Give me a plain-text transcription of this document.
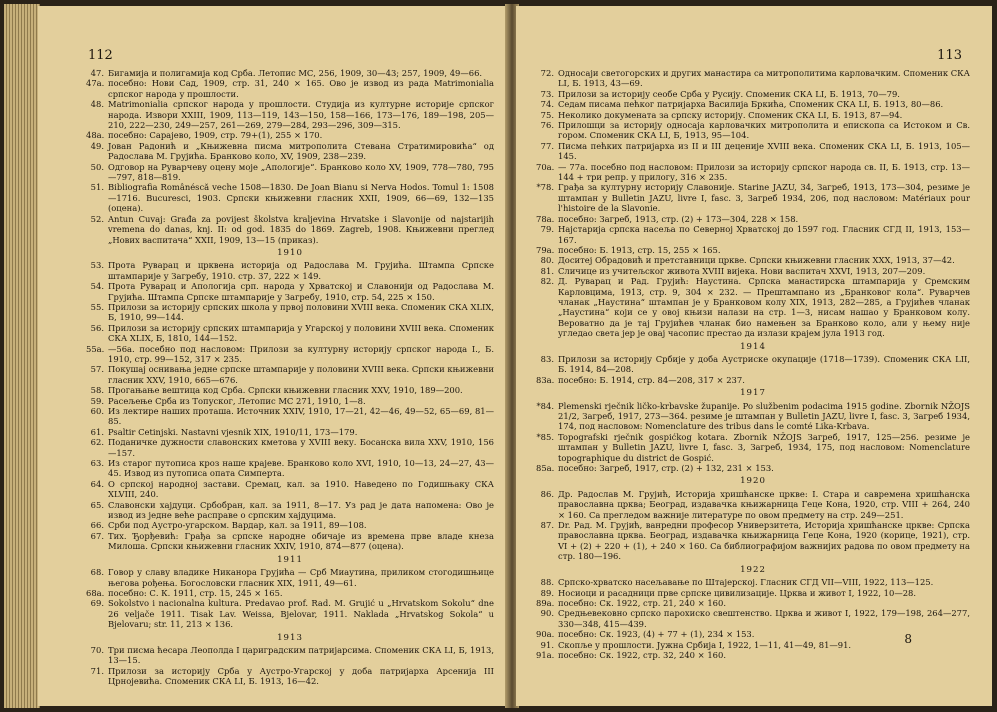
112
47. Бигамија и полигамија код Срба. Летопис МС, 256, 1909, 30—43; 257, 1909, 49—66.
47a. посебно: Нови Сад, 1909, стр. 31, 240 × 165. Ово је извод из рада Matrimonialia српског народа у прошлости.
48. Matrimonialia српског народа у прошлости. Студија из културне историје српског народа. Извори XXIII, 1909, 113—119, 143—150, 158—166, 173—176, 189—198, 205—210, 222—230, 249—257, 261—269, 279—284, 293—296, 309—315.
48a. посебно: Сарајево, 1909, стр. 79+(1), 255 × 170.
49. Јован Радонић и „Књижевна писма митрополита Стевана Стратимировића“ од Радослава М. Грујића. Бранково коло, XV, 1909, 238—239.
50. Одговор на Руварчеву оцену моје „Апологије“. Бранково коло XV, 1909, 778—780, 795—797, 818—819.
51. Bibliografia Românéscă veche 1508—1830. De Joan Bianu si Nerva Hodos. Tomul 1: 1508—1716. Bucuresci, 1903. Српски књижевни гласник XXII, 1909, 66—69, 132—135 (оцена).
52. Antun Cuvaj: Građa za povijest školstva kraljevina Hrvatske i Slavonije od najstarijih vremena do danas, knj. II: od god. 1835 do 1869. Zagreb, 1908. Књижевни преглед „Нових васпитача“ XXII, 1909, 13—15 (приказ).
1910
53. Прота Руварац и црквена историја од Радослава М. Грујића. Штампа Српске штампарије у Загребу, 1910. стр. 37, 222 × 149.
54. Прота Руварац и Апологија срп. народа у Хрватској и Славонији од Радослава М. Грујића. Штампа Српске штампарије у Загребу, 1910, стр. 54, 225 × 150.
55. Прилози за историју српских школа у првој половини XVIII века. Споменик СКА XLIX, Б, 1910, 99—144.
56. Прилози за историју српских штампарија у Угарској у половини XVIII века. Споменик СКА XLIX, Б, 1810, 144—152.
55a. —56a. посебно под насловом: Прилози за културну историју српског народа I., Б. 1910, стр. 99—152, 317 × 235.
57. Покушај оснивања једне српске штампарије у половини XVIII века. Српски књижевни гласник XXV, 1910, 665—676.
58. Прогањање вештица код Срба. Српски књижевни гласник XXV, 1910, 189—200.
59. Расељење Срба из Топуског, Летопис МС 271, 1910, 1—8.
60. Из лектире наших проташа. Источник XXIV, 1910, 17—21, 42—46, 49—52, 65—69, 81—85.
61. Psaltir Cetinjski. Nastavni vjesnik XIX, 1910/11, 173—179.
62. Поданичке дужности славонских кметова у XVIII веку. Босанска вила XXV, 1910, 156—157.
63. Из старог путописа кроз наше крајеве. Бранково коло XVI, 1910, 10—13, 24—27, 43—45. Извод из путописа опата Симперта.
64. О српској народној застави. Сремац, кал. за 1910. Наведено по Годишњаку СКА XLVIII, 240.
65. Славонски хајдуци. Србобран, кал. за 1911, 8—17. Уз рад је дата напомена: Ово је извод из једне веће расправе о српским хајдуцима.
66. Срби под Аустро-угарском. Вардар, кал. за 1911, 89—108.
67. Тих. Ђорђевић: Грађа за српске народне обичаје из времена прве владе кнеза Милоша. Српски књижевни гласник XXIV, 1910, 874—877 (оцена).
1911
68. Говор у славу владике Никанора Грујића — Срб Миаутина, приликом стогодишњице његова рођења. Богословски гласник XIX, 1911, 49—61.
68a. посебно: С. К. 1911, стр. 15, 245 × 165.
69. Sokolstvo i nacionalna kultura. Predavao prof. Rad. M. Grujić u „Hrvatskom Sokolu“ dne 26 veljače 1911. Tisak Lav. Weissa, Bjelovar, 1911. Naklada „Hrvatskog Sokola“ u Bjelovaru; str. 11, 213 × 136.
1913
70. Три писма ћесара Леополда I цариградским патријарсима. Споменик СКА LI, Б, 1913, 13—15.
71. Прилози за историју Срба у Аустро-Угарској у доба патријарха Арсенија III Црнојевића. Споменик СКА LI, Б. 1913, 16—42.
113
72. Односаји светогорских и других манастира са митрополитима карловачким. Споменик СКА LI, Б. 1913, 43—69.
73. Прилози за историју сеобе Срба у Русију. Споменик СКА LI, Б. 1913, 70—79.
74. Седам писама пећког патријарха Василија Бркића, Споменик СКА LI, Б. 1913, 80—86.
75. Неколико докумената за српску историју. Споменик СКА LI, Б. 1913, 87—94.
76. Прилошци за историју односаја карловачких митрополита и епископа са Истоком и Св. гором. Споменик СКА LI, Б, 1913, 95—104.
77. Писма пећких патријарха из II и III деценије XVIII века. Споменик СКА LI, Б. 1913, 105—145.
70a. — 77a. посебно под насловом: Прилози за историју српског народа св. II, Б. 1913, стр. 13—144 + три репр. у прилогу, 316 × 235.
*78. Грађа за културну историју Славоније. Starine JAZU, 34, Загреб, 1913, 173—304, резиме је штампан у Bulletin JAZU, livre I, fasc. 3, Загреб 1934, 206, под насловом: Matériaux pour l'histoire de la Slavonie.
78a. посебно: Загреб, 1913, стр. (2) + 173—304, 228 × 158.
79. Најстарија српска насеља по Северној Хрватској до 1597 год. Гласник СГД II, 1913, 153—167.
79a. посебно: Б. 1913, стр. 15, 255 × 165.
80. Доситеј Обрадовић и претставници цркве. Српски књижевни гласник XXX, 1913, 37—42.
81. Сличице из учитељског живота XVIII вијека. Нови васпитач XXVI, 1913, 207—209.
82. Д. Руварац и Рад. Грујић: Наустина. Српска манастирска штампарија у Сремским Карловцима, 1913, стр. 9, 304 × 232. — Прештампано из „Бранковог кола“. Руварчев чланак „Наустина“ штампан је у Бранковом колу XIX, 1913, 282—285, а Грујићев чланак „Наустина“ који се у овој књизи налази на стр. 1—3, нисам нашао у Бранковом колу. Вероватно да је тај Грујићев чланак био намењен за Бранково коло, али у њему није угледао света јер је овај часопис престао да излази крајем јула 1913 год.
1914
83. Прилози за историју Србије у доба Аустриске окупације (1718—1739). Споменик СКА LII, Б. 1914, 84—208.
83a. посебно: Б. 1914, стр. 84—208, 317 × 237.
1917
*84. Plemenski rječnik ličko-krbavske županije. Po službenim podacima 1915 godine. Zbornik NŽOJS 21/2, Загреб, 1917, 273—364. резиме је штампан у Bulletin JAZU, livre I, fasc. 3, Загреб 1934, 174, под насловом: Nomenclature des tribus dans le comté Lika-Krbava.
*85. Topografski rječnik gospićkog kotara. Zbornik NŽOJS Загреб, 1917, 125—256. резиме је штампан у Bulletin JAZU, livre I, fasc. 3, Загреб, 1934, 175, под насловом: Nomenclature topographique du district de Gospić.
85a. посебно: Загреб, 1917, стр. (2) + 132, 231 × 153.
1920
86. Др. Радослав М. Грујић, Историја хришћанске цркве: I. Стара и савремена хришћанска православна црква; Београд, издавачка књижарница Геце Кона, 1920, стр. VIII + 264, 240 × 160. Са прегледом важније литературе по овом предмету на стр. 249—251.
87. Dr. Рад. М. Грујић, ванредни професор Универзитета, Историја хришћанске цркве: Српска православна црква. Београд, издавачка књижарница Геце Кона, 1920 (корице, 1921), стр. VI + (2) + 220 + (1), + 240 × 160. Са библиографијом важнијих радова по овом предмету на стр. 180—196.
1922
88. Српско-хрватско насељавање по Штајерској. Гласник СГД VII—VIII, 1922, 113—125.
89. Носиоци и расадници прве српске цивилизације. Црква и живот I, 1922, 10—28.
89a. посебно: Ск. 1922, стр. 21, 240 × 160.
90. Средњевековно српско парохиско свештенство. Црква и живот I, 1922, 179—198, 264—277, 330—348, 415—439.
90a. посебно: Ск. 1923, (4) + 77 + (1), 234 × 153.
91. Скопље у прошлости. Јужна Србија I, 1922, 1—11, 41—49, 81—91.
91a. посебно: Ск. 1922, стр. 32, 240 × 160.
8
